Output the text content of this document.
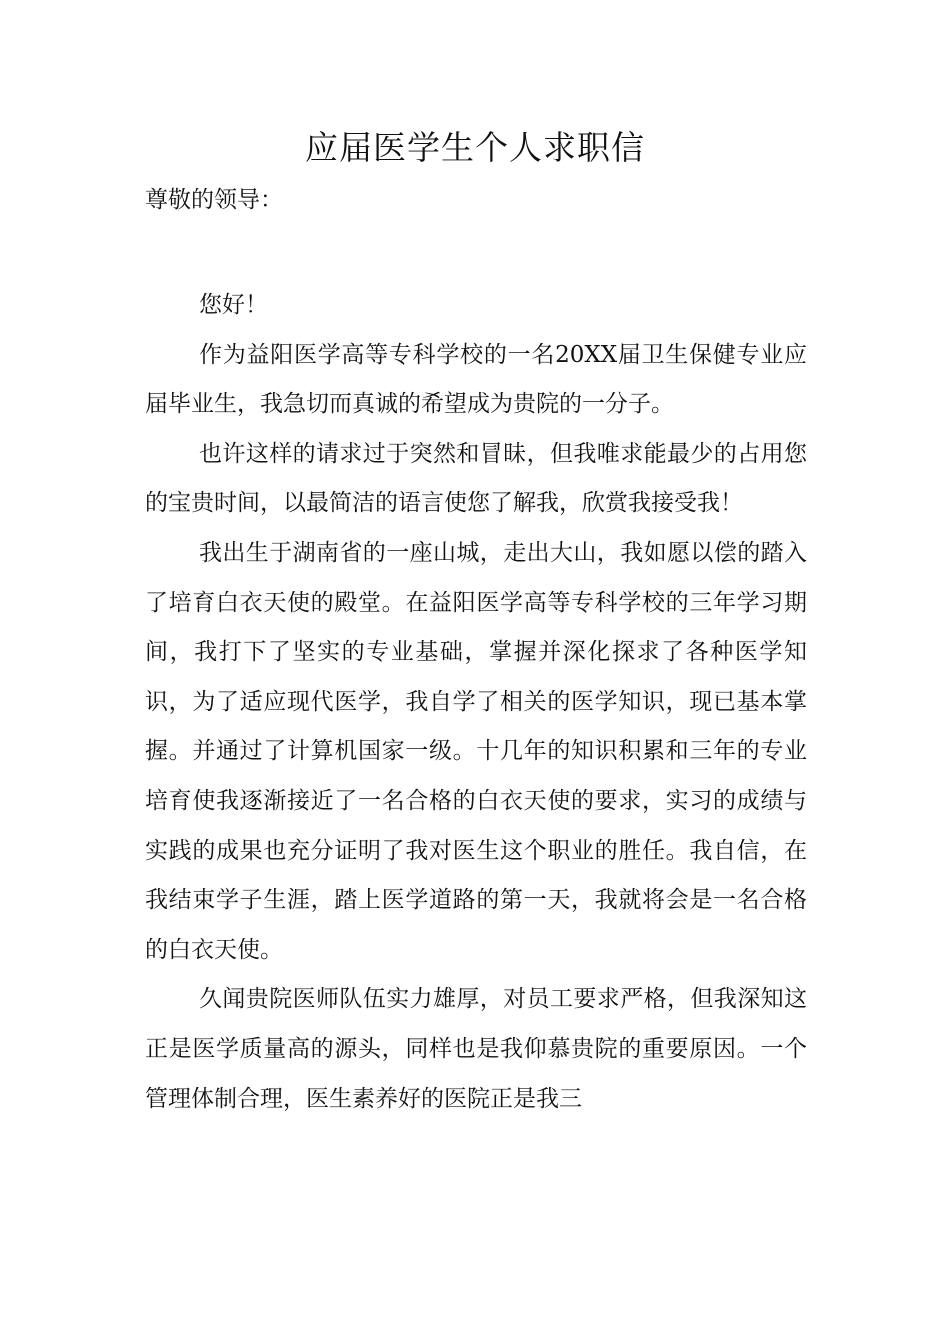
应届医学生个人求职信

尊敬的领导：

您好！

作为益阳医学高等专科学校的一名20XX届卫生保健专业应届毕业生，我急切而真诚的希望成为贵院的一分子。

也许这样的请求过于突然和冒昧，但我唯求能最少的占用您的宝贵时间，以最简洁的语言使您了解我，欣赏我接受我！

我出生于湖南省的一座山城，走出大山，我如愿以偿的踏入了培育白衣天使的殿堂。在益阳医学高等专科学校的三年学习期间，我打下了坚实的专业基础，掌握并深化探求了各种医学知识，为了适应现代医学，我自学了相关的医学知识，现已基本掌握。并通过了计算机国家一级。十几年的知识积累和三年的专业培育使我逐渐接近了一名合格的白衣天使的要求，实习的成绩与实践的成果也充分证明了我对医生这个职业的胜任。我自信，在我结束学子生涯，踏上医学道路的第一天，我就将会是一名合格的白衣天使。

久闻贵院医师队伍实力雄厚，对员工要求严格，但我深知这正是医学质量高的源头，同样也是我仰慕贵院的重要原因。一个管理体制合理，医生素养好的医院正是我三
